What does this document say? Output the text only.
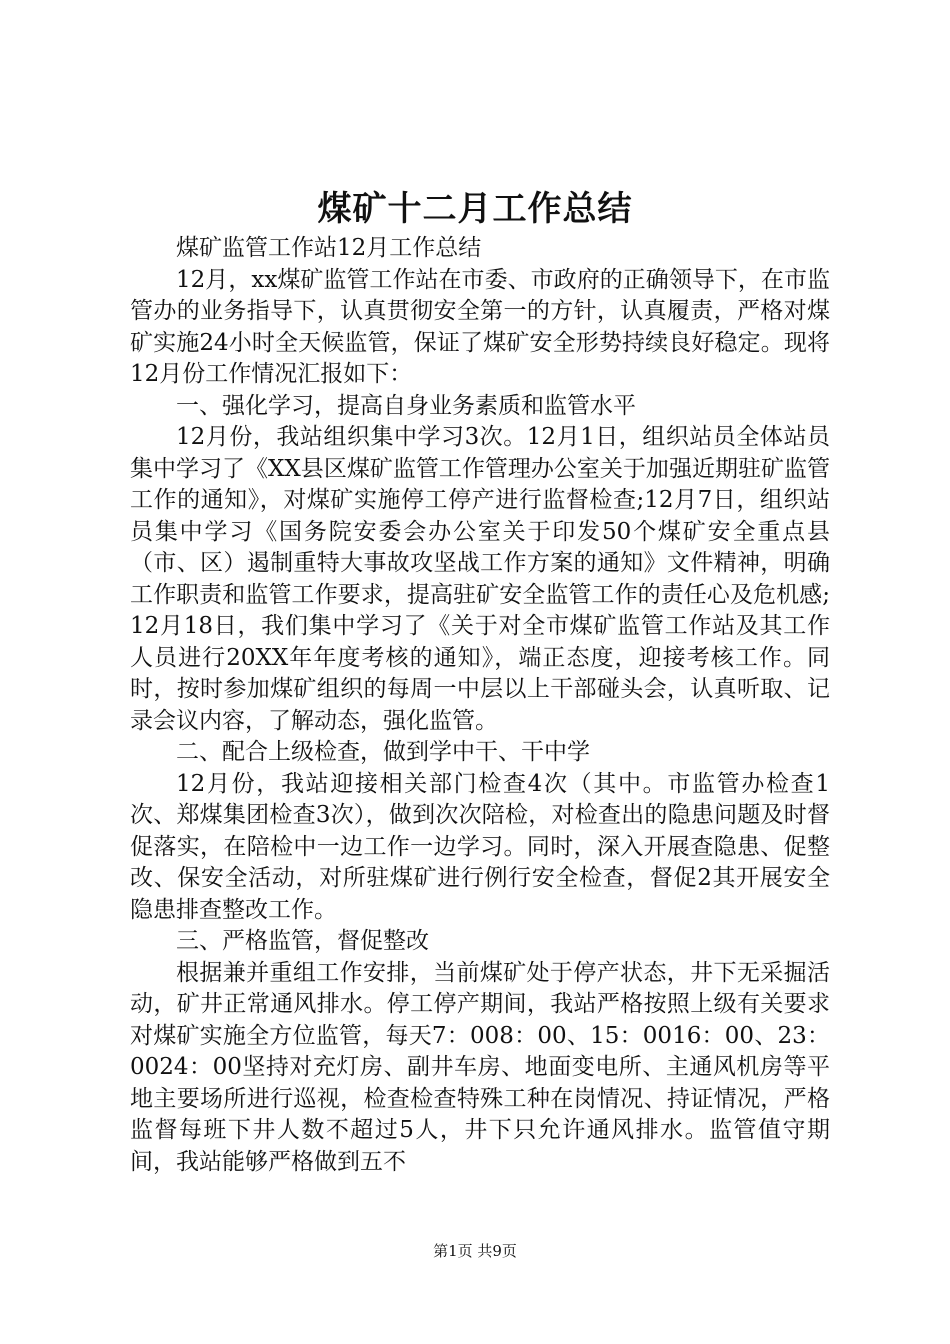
煤矿十二月工作总结

煤矿监管工作站12月工作总结

12月，xx煤矿监管工作站在市委、市政府的正确领导下，在市监管办的业务指导下，认真贯彻安全第一的方针，认真履责，严格对煤矿实施24小时全天候监管，保证了煤矿安全形势持续良好稳定。现将12月份工作情况汇报如下：

一、强化学习，提高自身业务素质和监管水平

12月份，我站组织集中学习3次。12月1日，组织站员全体站员集中学习了《XX县区煤矿监管工作管理办公室关于加强近期驻矿监管工作的通知》，对煤矿实施停工停产进行监督检查;12月7日，组织站员集中学习《国务院安委会办公室关于印发50个煤矿安全重点县（市、区）遏制重特大事故攻坚战工作方案的通知》文件精神，明确工作职责和监管工作要求，提高驻矿安全监管工作的责任心及危机感;12月18日，我们集中学习了《关于对全市煤矿监管工作站及其工作人员进行20XX年年度考核的通知》，端正态度，迎接考核工作。同时，按时参加煤矿组织的每周一中层以上干部碰头会，认真听取、记录会议内容，了解动态，强化监管。

二、配合上级检查，做到学中干、干中学

12月份，我站迎接相关部门检查4次（其中。市监管办检查1次、郑煤集团检查3次），做到次次陪检，对检查出的隐患问题及时督促落实，在陪检中一边工作一边学习。同时，深入开展查隐患、促整改、保安全活动，对所驻煤矿进行例行安全检查，督促2其开展安全隐患排查整改工作。

三、严格监管，督促整改

根据兼并重组工作安排，当前煤矿处于停产状态，井下无采掘活动，矿井正常通风排水。停工停产期间，我站严格按照上级有关要求对煤矿实施全方位监管，每天7：008：00、15：0016：00、23：0024：00坚持对充灯房、副井车房、地面变电所、主通风机房等平地主要场所进行巡视，检查检查特殊工种在岗情况、持证情况，严格监督每班下井人数不超过5人，井下只允许通风排水。监管值守期间，我站能够严格做到五不

第1页 共9页
